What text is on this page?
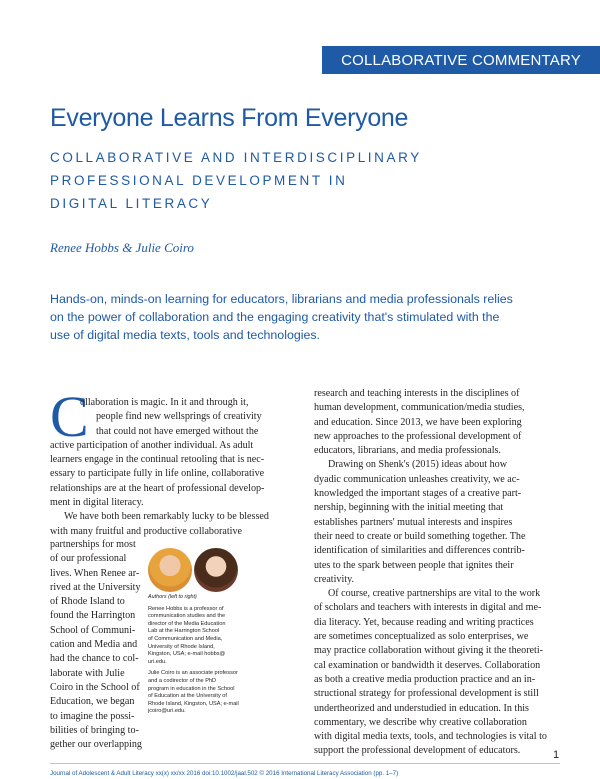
COLLABORATIVE COMMENTARY
Everyone Learns From Everyone
COLLABORATIVE AND INTERDISCIPLINARY
PROFESSIONAL DEVELOPMENT IN
DIGITAL LITERACY
Renee Hobbs & Julie Coiro
Hands-on, minds-on learning for educators, librarians and media professionals relies
on the power of collaboration and the engaging creativity that's stimulated with the
use of digital media texts, tools and technologies.
C
ollaboration is magic. In it and through it,
people find new wellsprings of creativity
that could not have emerged without the
active participation of another individual. As adult
learners engage in the continual retooling that is nec-
essary to participate fully in life online, collaborative
relationships are at the heart of professional develop-
ment in digital literacy.
We have both been remarkably lucky to be blessed
with many fruitful and productive collaborative
partnerships for most
of our professional
lives. When Renee ar-
rived at the University
of Rhode Island to
found the Harrington
School of Communi-
cation and Media and
had the chance to col-
laborate with Julie
Coiro in the School of
Education, we began
to imagine the possi-
bilities of bringing to-
gether our overlapping
Authors (left to right)
Renee Hobbs is a professor of
communication studies and the
director of the Media Education
Lab at the Harrington School
of Communication and Media,
University of Rhode Island,
Kingston, USA; e-mail hobbs@
uri.edu.
Julie Coiro is an associate professor
and a codirector of the PhD
program in education in the School
of Education at the University of
Rhode Island, Kingston, USA; e-mail
jcoiro@uri.edu.
research and teaching interests in the disciplines of
human development, communication/media studies,
and education. Since 2013, we have been exploring
new approaches to the professional development of
educators, librarians, and media professionals.
Drawing on Shenk's (2015) ideas about how
dyadic communication unleashes creativity, we ac-
knowledged the important stages of a creative part-
nership, beginning with the initial meeting that
establishes partners' mutual interests and inspires
their need to create or build something together. The
identification of similarities and differences contrib-
utes to the spark between people that ignites their
creativity.
Of course, creative partnerships are vital to the work
of scholars and teachers with interests in digital and me-
dia literacy. Yet, because reading and writing practices
are sometimes conceptualized as solo enterprises, we
may practice collaboration without giving it the theoreti-
cal examination or bandwidth it deserves. Collaboration
as both a creative media production practice and an in-
structional strategy for professional development is still
undertheorized and understudied in education. In this
commentary, we describe why creative collaboration
with digital media texts, tools, and technologies is vital to
support the professional development of educators.	1
Journal of Adolescent & Adult Literacy xx(x) xx/xx 2016 doi:10.1002/jaal.502 © 2016 International Literacy Association (pp. 1–7)
